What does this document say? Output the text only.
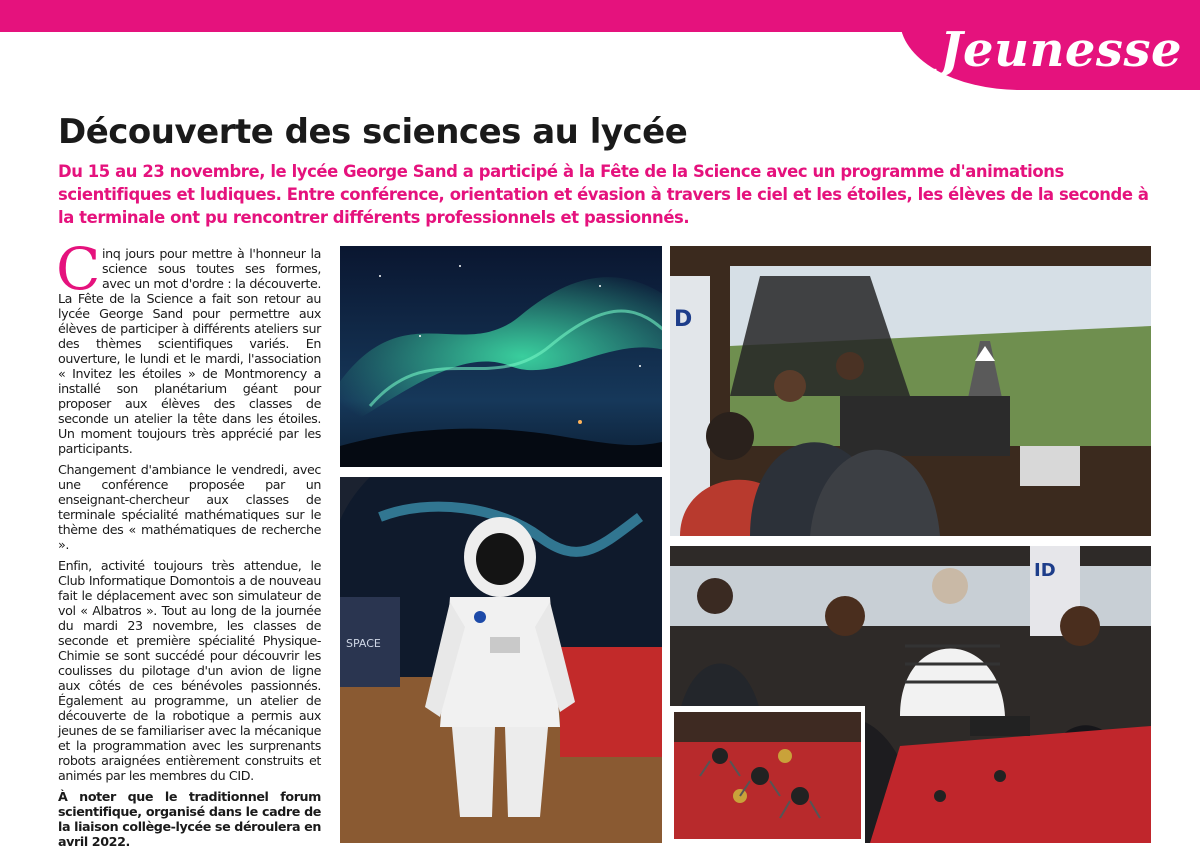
Jeunesse
Découverte des sciences au lycée

Du 15 au 23 novembre, le lycée George Sand a participé à la Fête de la Science avec un programme d'animations scientifiques et ludiques. Entre conférence, orientation et évasion à travers le ciel et les étoiles, les élèves de la seconde à la terminale ont pu rencontrer différents professionnels et passionnés.

Cinq jours pour mettre à l'honneur la science sous toutes ses formes, avec un mot d'ordre : la découverte. La Fête de la Science a fait son retour au lycée George Sand pour permettre aux élèves de participer à différents ateliers sur des thèmes scientifiques variés. En ouverture, le lundi et le mardi, l'association « Invitez les étoiles » de Montmorency a installé son planétarium géant pour proposer aux élèves des classes de seconde un atelier la tête dans les étoiles. Un moment toujours très apprécié par les participants.

Changement d'ambiance le vendredi, avec une conférence proposée par un enseignant-chercheur aux classes de terminale spécialité mathématiques sur le thème des « mathématiques de recherche ».

Enfin, activité toujours très attendue, le Club Informatique Domontois a de nouveau fait le déplacement avec son simulateur de vol « Albatros ». Tout au long de la journée du mardi 23 novembre, les classes de seconde et première spécialité Physique-Chimie se sont succédé pour découvrir les coulisses du pilotage d'un avion de ligne aux côtés de ces bénévoles passionnés. Également au programme, un atelier de découverte de la robotique a permis aux jeunes de se familiariser avec la mécanique et la programmation avec les surprenants robots araignées entièrement construits et animés par les membres du CID.

À noter que le traditionnel forum scientifique, organisé dans le cadre de la liaison collège-lycée se déroulera en avril 2022.

SPACE
D
ID
